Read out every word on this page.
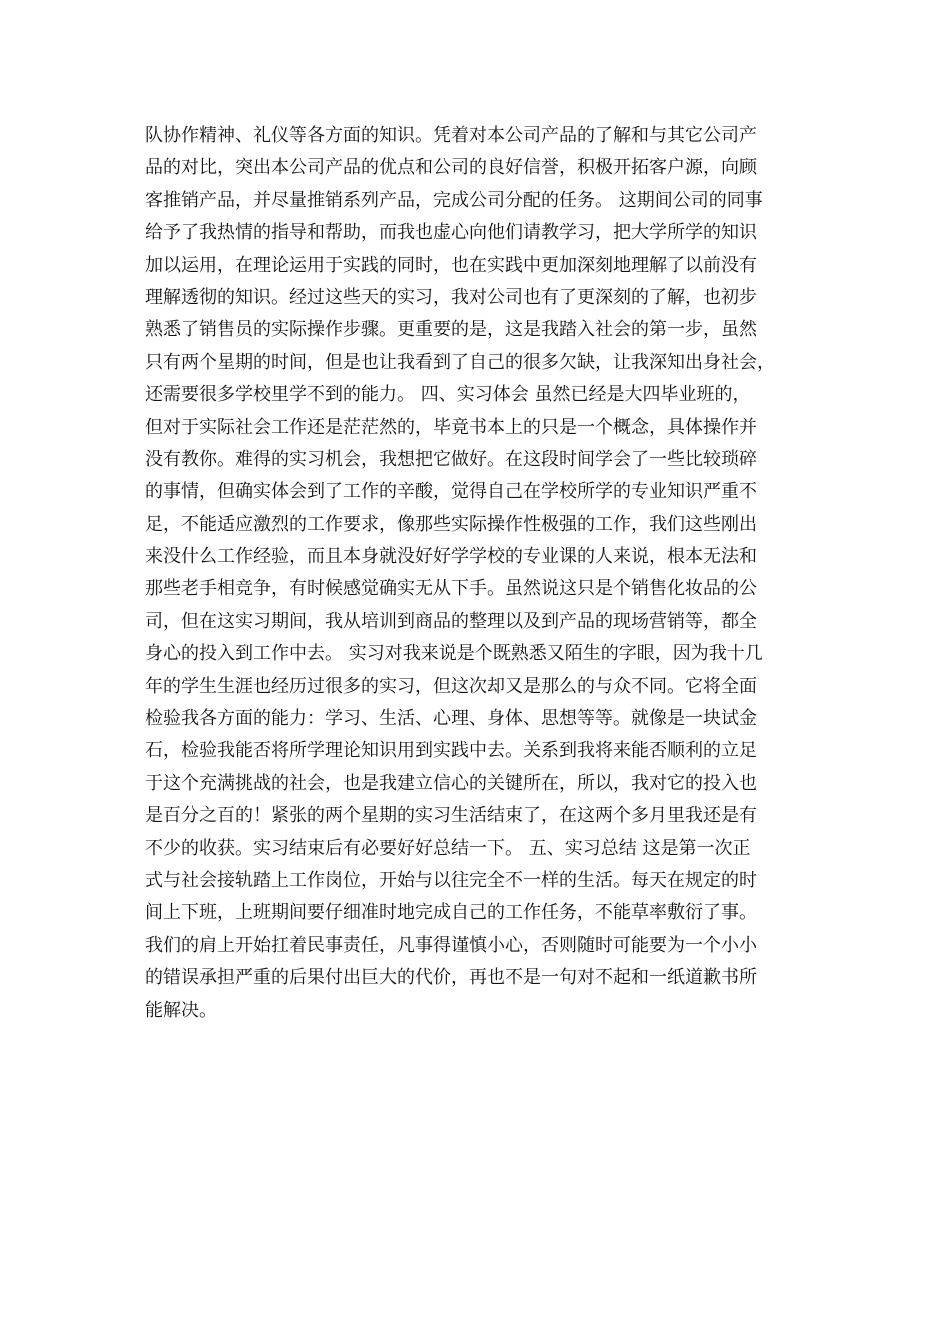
队协作精神、礼仪等各方面的知识。凭着对本公司产品的了解和与其它公司产
品的对比，突出本公司产品的优点和公司的良好信誉，积极开拓客户源，向顾
客推销产品，并尽量推销系列产品，完成公司分配的任务。 这期间公司的同事
给予了我热情的指导和帮助，而我也虚心向他们请教学习，把大学所学的知识
加以运用，在理论运用于实践的同时，也在实践中更加深刻地理解了以前没有
理解透彻的知识。经过这些天的实习，我对公司也有了更深刻的了解，也初步
熟悉了销售员的实际操作步骤。更重要的是，这是我踏入社会的第一步，虽然
只有两个星期的时间，但是也让我看到了自己的很多欠缺，让我深知出身社会，
还需要很多学校里学不到的能力。 四、实习体会 虽然已经是大四毕业班的，
但对于实际社会工作还是茫茫然的，毕竟书本上的只是一个概念，具体操作并
没有教你。难得的实习机会，我想把它做好。在这段时间学会了一些比较琐碎
的事情，但确实体会到了工作的辛酸，觉得自己在学校所学的专业知识严重不
足，不能适应激烈的工作要求，像那些实际操作性极强的工作，我们这些刚出
来没什么工作经验，而且本身就没好好学学校的专业课的人来说，根本无法和
那些老手相竞争，有时候感觉确实无从下手。虽然说这只是个销售化妆品的公
司，但在这实习期间，我从培训到商品的整理以及到产品的现场营销等，都全
身心的投入到工作中去。 实习对我来说是个既熟悉又陌生的字眼，因为我十几
年的学生生涯也经历过很多的实习，但这次却又是那么的与众不同。它将全面
检验我各方面的能力：学习、生活、心理、身体、思想等等。就像是一块试金
石，检验我能否将所学理论知识用到实践中去。关系到我将来能否顺利的立足
于这个充满挑战的社会，也是我建立信心的关键所在，所以，我对它的投入也
是百分之百的！紧张的两个星期的实习生活结束了，在这两个多月里我还是有
不少的收获。实习结束后有必要好好总结一下。 五、实习总结 这是第一次正
式与社会接轨踏上工作岗位，开始与以往完全不一样的生活。每天在规定的时
间上下班，上班期间要仔细准时地完成自己的工作任务，不能草率敷衍了事。
我们的肩上开始扛着民事责任，凡事得谨慎小心，否则随时可能要为一个小小
的错误承担严重的后果付出巨大的代价，再也不是一句对不起和一纸道歉书所
能解决。
